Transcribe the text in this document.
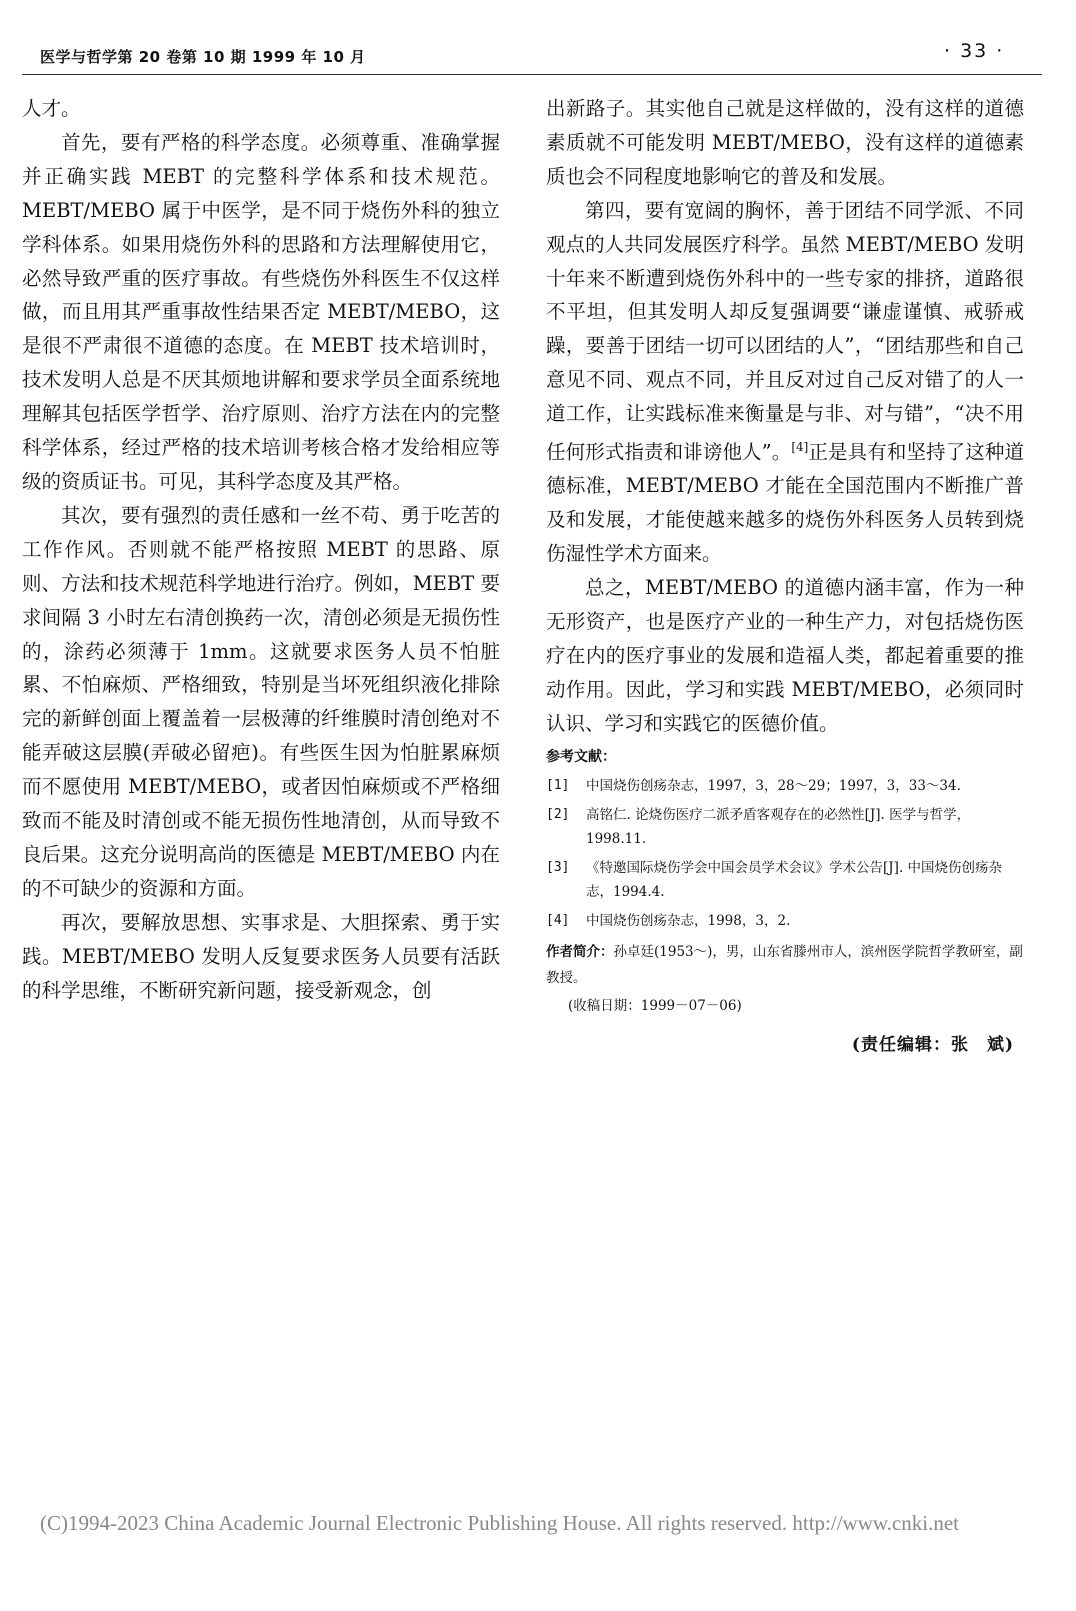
医学与哲学第 20 卷第 10 期 1999 年 10 月	· 33 ·

人才。

首先，要有严格的科学态度。必须尊重、准确掌握并正确实践 MEBT 的完整科学体系和技术规范。MEBT/MEBO 属于中医学，是不同于烧伤外科的独立学科体系。如果用烧伤外科的思路和方法理解使用它，必然导致严重的医疗事故。有些烧伤外科医生不仅这样做，而且用其严重事故性结果否定 MEBT/MEBO，这是很不严肃很不道德的态度。在 MEBT 技术培训时，技术发明人总是不厌其烦地讲解和要求学员全面系统地理解其包括医学哲学、治疗原则、治疗方法在内的完整科学体系，经过严格的技术培训考核合格才发给相应等级的资质证书。可见，其科学态度及其严格。

其次，要有强烈的责任感和一丝不苟、勇于吃苦的工作作风。否则就不能严格按照 MEBT 的思路、原则、方法和技术规范科学地进行治疗。例如，MEBT 要求间隔 3 小时左右清创换药一次，清创必须是无损伤性的，涂药必须薄于 1mm。这就要求医务人员不怕脏累、不怕麻烦、严格细致，特别是当坏死组织液化排除完的新鲜创面上覆盖着一层极薄的纤维膜时清创绝对不能弄破这层膜(弄破必留疤)。有些医生因为怕脏累麻烦而不愿使用 MEBT/MEBO，或者因怕麻烦或不严格细致而不能及时清创或不能无损伤性地清创，从而导致不良后果。这充分说明高尚的医德是 MEBT/MEBO 内在的不可缺少的资源和方面。

再次，要解放思想、实事求是、大胆探索、勇于实践。MEBT/MEBO 发明人反复要求医务人员要有活跃的科学思维，不断研究新问题，接受新观念，创

出新路子。其实他自己就是这样做的，没有这样的道德素质就不可能发明 MEBT/MEBO，没有这样的道德素质也会不同程度地影响它的普及和发展。

第四，要有宽阔的胸怀，善于团结不同学派、不同观点的人共同发展医疗科学。虽然 MEBT/MEBO 发明十年来不断遭到烧伤外科中的一些专家的排挤，道路很不平坦，但其发明人却反复强调要“谦虚谨慎、戒骄戒躁，要善于团结一切可以团结的人”，“团结那些和自己意见不同、观点不同，并且反对过自己反对错了的人一道工作，让实践标准来衡量是与非、对与错”，“决不用任何形式指责和诽谤他人”。[4]正是具有和坚持了这种道德标准，MEBT/MEBO 才能在全国范围内不断推广普及和发展，才能使越来越多的烧伤外科医务人员转到烧伤湿性学术方面来。

总之，MEBT/MEBO 的道德内涵丰富，作为一种无形资产，也是医疗产业的一种生产力，对包括烧伤医疗在内的医疗事业的发展和造福人类，都起着重要的推动作用。因此，学习和实践 MEBT/MEBO，必须同时认识、学习和实践它的医德价值。

参考文献：
[1]	中国烧伤创疡杂志，1997，3，28～29；1997，3，33～34.
[2]	高铭仁. 论烧伤医疗二派矛盾客观存在的必然性[J]. 医学与哲学，1998.11.
[3]	《特邀国际烧伤学会中国会员学术会议》学术公告[J]. 中国烧伤创疡杂志，1994.4.
[4]	中国烧伤创疡杂志，1998，3，2.
作者简介：孙卓廷(1953～)，男，山东省滕州市人，滨州医学院哲学教研室，副教授。
(收稿日期：1999－07－06)
(责任编辑：张　斌)
(C)1994-2023 China Academic Journal Electronic Publishing House. All rights reserved. http://www.cnki.net
